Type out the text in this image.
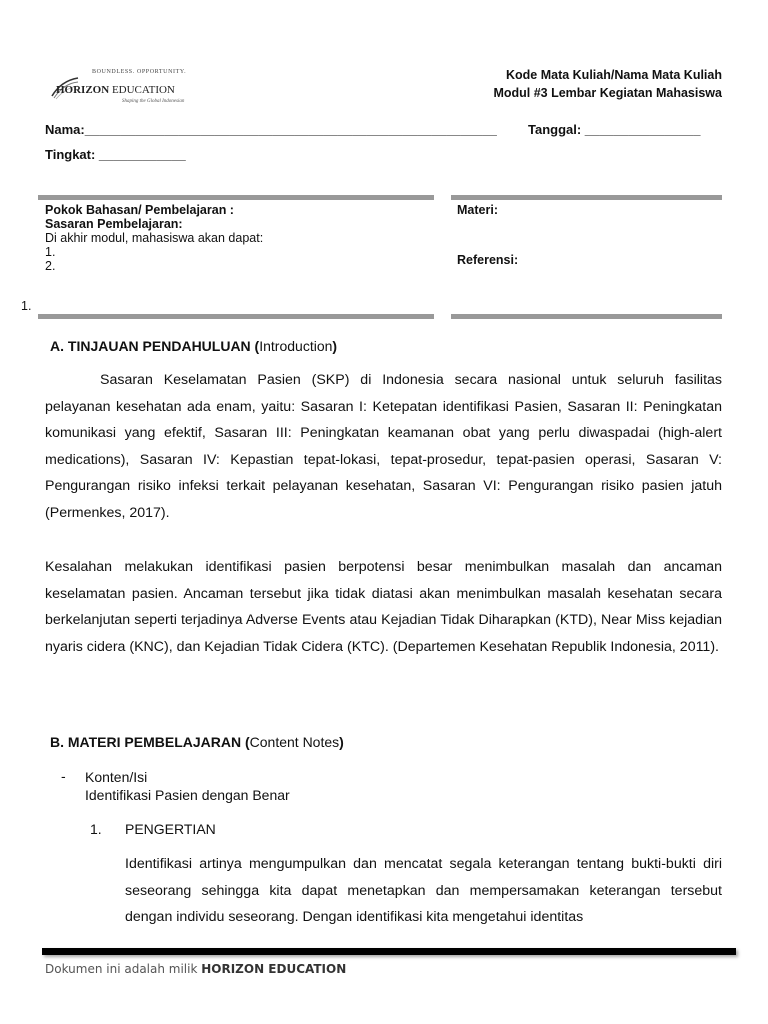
BOUNDLESS. OPPORTUNITY.
HORIZON EDUCATION
Shaping the Global Indonesian
Kode Mata Kuliah/Nama Mata Kuliah
Modul #3 Lembar Kegiatan Mahasiswa
Nama:_________________________________________________________ Tanggal: ________________
Tingkat: ____________
Pokok Bahasan/ Pembelajaran :
Sasaran Pembelajaran:
Di akhir modul, mahasiswa akan dapat:
1.
2.
1.
Materi:
Referensi:
A. TINJAUAN PENDAHULUAN (Introduction)
Sasaran Keselamatan Pasien (SKP) di Indonesia secara nasional untuk seluruh fasilitas pelayanan kesehatan ada enam, yaitu: Sasaran I: Ketepatan identifikasi Pasien, Sasaran II: Peningkatan komunikasi yang efektif, Sasaran III: Peningkatan keamanan obat yang perlu diwaspadai (high-alert medications), Sasaran IV: Kepastian tepat-lokasi, tepat-prosedur, tepat-pasien operasi, Sasaran V: Pengurangan risiko infeksi terkait pelayanan kesehatan, Sasaran VI: Pengurangan risiko pasien jatuh (Permenkes, 2017).
Kesalahan melakukan identifikasi pasien berpotensi besar menimbulkan masalah dan ancaman keselamatan pasien. Ancaman tersebut jika tidak diatasi akan menimbulkan masalah kesehatan secara berkelanjutan seperti terjadinya Adverse Events atau Kejadian Tidak Diharapkan (KTD), Near Miss kejadian nyaris cidera (KNC), dan Kejadian Tidak Cidera (KTC). (Departemen Kesehatan Republik Indonesia, 2011).
B. MATERI PEMBELAJARAN (Content Notes)
- Konten/Isi
Identifikasi Pasien dengan Benar
1. PENGERTIAN
Identifikasi artinya mengumpulkan dan mencatat segala keterangan tentang bukti-bukti diri seseorang sehingga kita dapat menetapkan dan mempersamakan keterangan tersebut dengan individu seseorang. Dengan identifikasi kita mengetahui identitas
Dokumen ini adalah milik HORIZON EDUCATION
